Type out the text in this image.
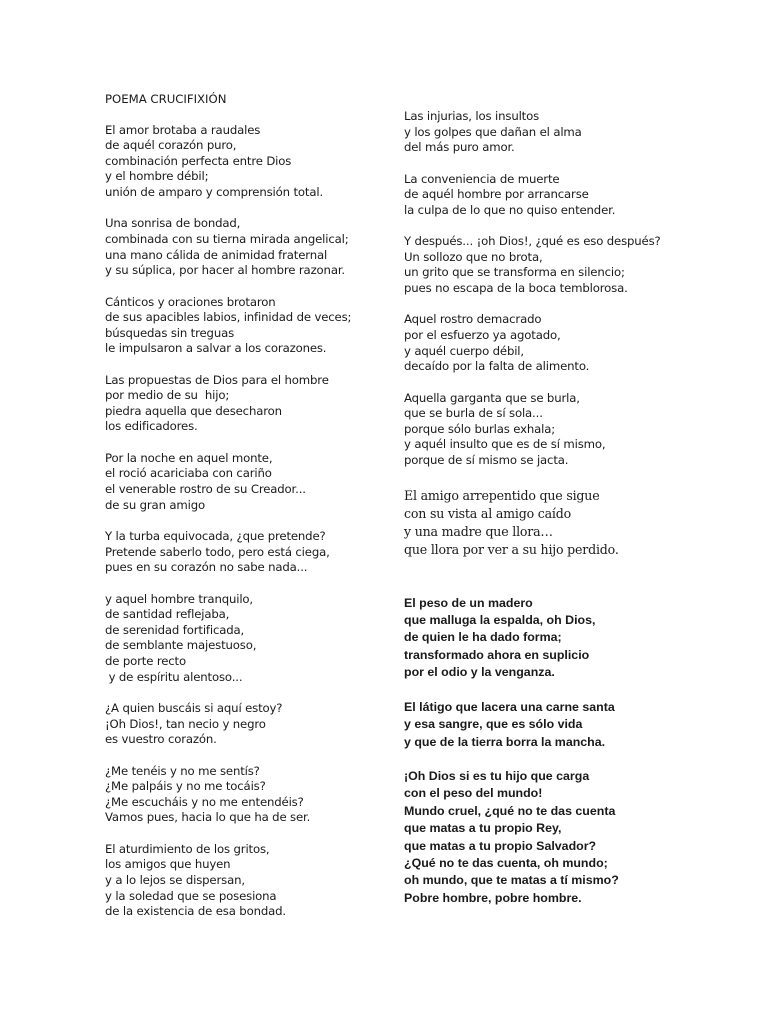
POEMA CRUCIFIXIÓN
El amor brotaba a raudales
de aquél corazón puro,
combinación perfecta entre Dios
y el hombre débil;
unión de amparo y comprensión total.
Una sonrisa de bondad,
combinada con su tierna mirada angelical;
una mano cálida de animidad fraternal
y su súplica, por hacer al hombre razonar.
Cánticos y oraciones brotaron
de sus apacibles labios, infinidad de veces;
búsquedas sin treguas
le impulsaron a salvar a los corazones.
Las propuestas de Dios para el hombre
por medio de su  hijo;
piedra aquella que desecharon
los edificadores.
Por la noche en aquel monte,
el roció acariciaba con cariño
el venerable rostro de su Creador...
de su gran amigo
Y la turba equivocada, ¿que pretende?
Pretende saberlo todo, pero está ciega,
pues en su corazón no sabe nada...
y aquel hombre tranquilo,
de santidad reflejaba,
de serenidad fortificada,
de semblante majestuoso,
de porte recto
y de espíritu alentoso...
¿A quien buscáis si aquí estoy?
¡Oh Dios!, tan necio y negro
es vuestro corazón.
¿Me tenéis y no me sentís?
¿Me palpáis y no me tocáis?
¿Me escucháis y no me entendéis?
Vamos pues, hacia lo que ha de ser.
El aturdimiento de los gritos,
los amigos que huyen
y a lo lejos se dispersan,
y la soledad que se posesiona
de la existencia de esa bondad.
Las injurias, los insultos
y los golpes que dañan el alma
del más puro amor.
La conveniencia de muerte
de aquél hombre por arrancarse
la culpa de lo que no quiso entender.
Y después... ¡oh Dios!, ¿qué es eso después?
Un sollozo que no brota,
un grito que se transforma en silencio;
pues no escapa de la boca temblorosa.
Aquel rostro demacrado
por el esfuerzo ya agotado,
y aquél cuerpo débil,
decaído por la falta de alimento.
Aquella garganta que se burla,
que se burla de sí sola...
porque sólo burlas exhala;
y aquél insulto que es de sí mismo,
porque de sí mismo se jacta.
El amigo arrepentido que sigue
con su vista al amigo caído
y una madre que llora…
que llora por ver a su hijo perdido.
El peso de un madero
que malluga la espalda, oh Dios,
de quien le ha dado forma;
transformado ahora en suplicio
por el odio y la venganza.
El látigo que lacera una carne santa
y esa sangre, que es sólo vida
y que de la tierra borra la mancha.
¡Oh Dios si es tu hijo que carga
con el peso del mundo!
Mundo cruel, ¿qué no te das cuenta
que matas a tu propio Rey,
que matas a tu propio Salvador?
¿Qué no te das cuenta, oh mundo;
oh mundo, que te matas a tí mismo?
Pobre hombre, pobre hombre.
